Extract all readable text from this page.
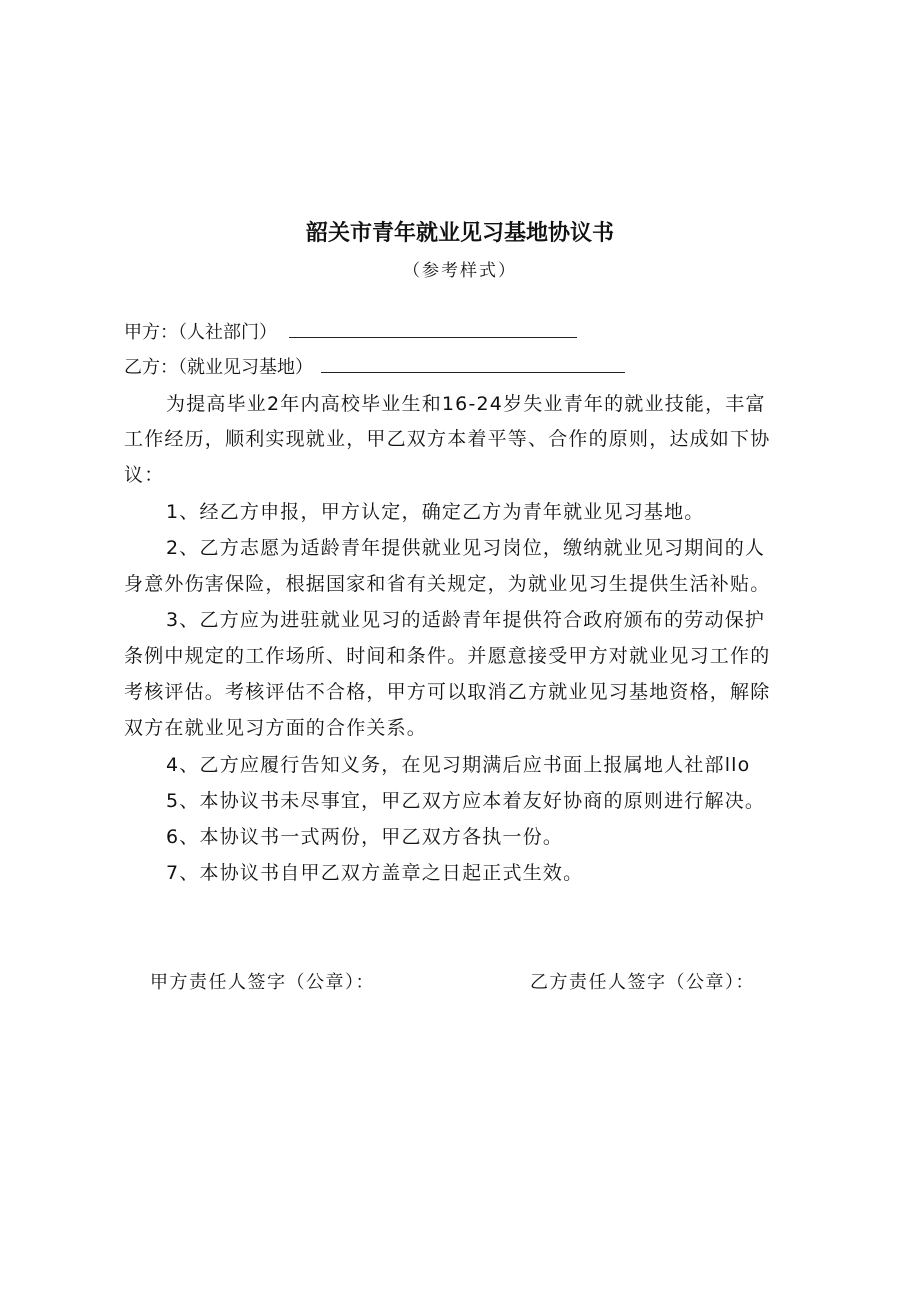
韶关市青年就业见习基地协议书
（参考样式）
甲方：（人社部门）
乙方：（就业见习基地）
为提高毕业2年内高校毕业生和16-24岁失业青年的就业技能，丰富
工作经历，顺利实现就业，甲乙双方本着平等、合作的原则，达成如下协
议：
1、经乙方申报，甲方认定，确定乙方为青年就业见习基地。
2、乙方志愿为适龄青年提供就业见习岗位，缴纳就业见习期间的人
身意外伤害保险，根据国家和省有关规定，为就业见习生提供生活补贴。
3、乙方应为进驻就业见习的适龄青年提供符合政府颁布的劳动保护
条例中规定的工作场所、时间和条件。并愿意接受甲方对就业见习工作的
考核评估。考核评估不合格，甲方可以取消乙方就业见习基地资格，解除
双方在就业见习方面的合作关系。
4、乙方应履行告知义务，在见习期满后应书面上报属地人社部llo
5、本协议书未尽事宜，甲乙双方应本着友好协商的原则进行解决。
6、本协议书一式两份，甲乙双方各执一份。
7、本协议书自甲乙双方盖章之日起正式生效。
甲方责任人签字（公章）：	乙方责任人签字（公章）：
